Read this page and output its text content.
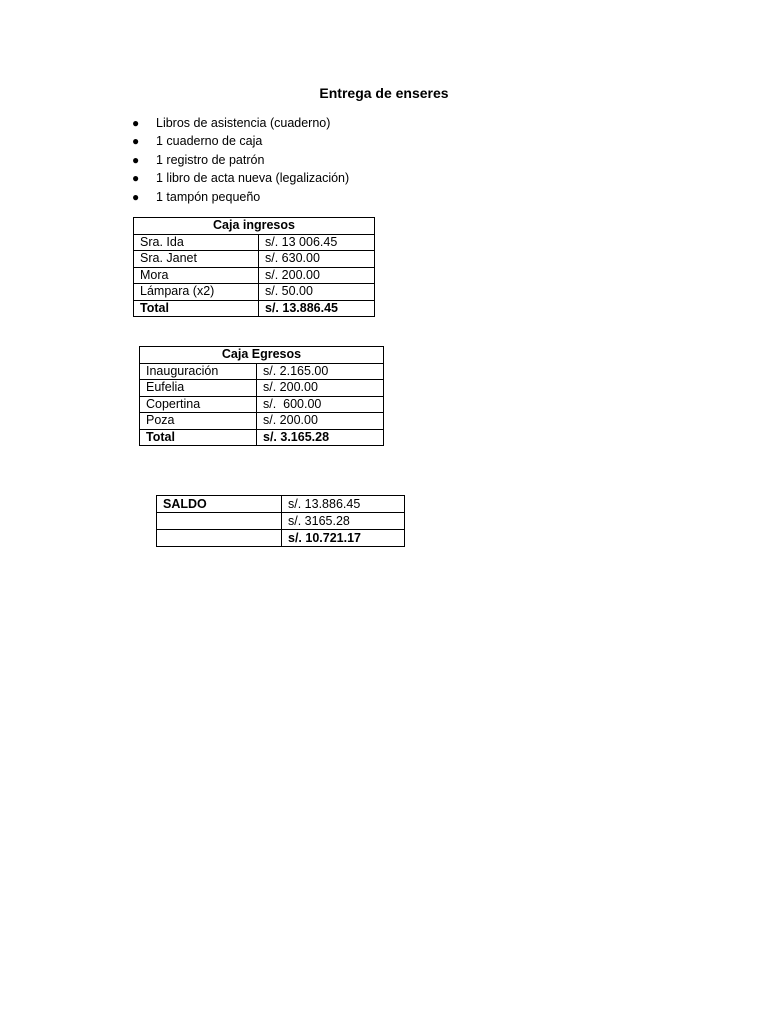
Entrega de enseres
● Libros de asistencia (cuaderno)
● 1 cuaderno de caja
● 1 registro de patrón
● 1 libro de acta nueva (legalización)
● 1 tampón pequeño
Caja ingresos	
Sra. Ida	s/. 13 006.45
Sra. Janet	s/. 630.00
Mora	s/. 200.00
Lámpara (x2)	s/. 50.00
Total	s/. 13.886.45
Caja Egresos	
Inauguración	s/. 2.165.00
Eufelia	s/. 200.00
Copertina	s/.  600.00
Poza	s/. 200.00
Total	s/. 3.165.28
SALDO	s/. 13.886.45
	s/. 3165.28
	s/. 10.721.17
